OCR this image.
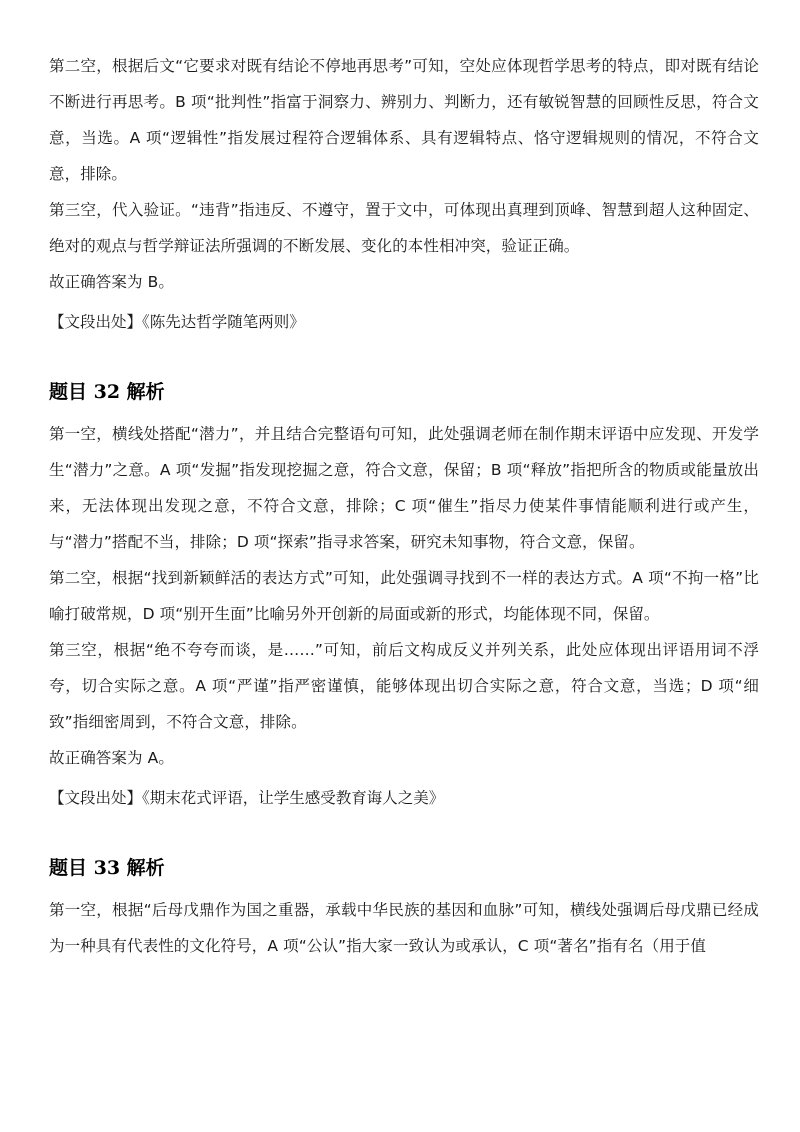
第二空，根据后文“它要求对既有结论不停地再思考”可知，空处应体现哲学思考的特点，即对既有结论不断进行再思考。B 项“批判性”指富于洞察力、辨别力、判断力，还有敏锐智慧的回顾性反思，符合文意，当选。A 项“逻辑性”指发展过程符合逻辑体系、具有逻辑特点、恪守逻辑规则的情况，不符合文意，排除。

第三空，代入验证。“违背”指违反、不遵守，置于文中，可体现出真理到顶峰、智慧到超人这种固定、绝对的观点与哲学辩证法所强调的不断发展、变化的本性相冲突，验证正确。

故正确答案为 B。

【文段出处】《陈先达哲学随笔两则》

题目 32 解析

第一空，横线处搭配“潜力”，并且结合完整语句可知，此处强调老师在制作期末评语中应发现、开发学生“潜力”之意。A 项“发掘”指发现挖掘之意，符合文意，保留；B 项“释放”指把所含的物质或能量放出来，无法体现出发现之意，不符合文意，排除；C 项“催生”指尽力使某件事情能顺利进行或产生，与“潜力”搭配不当，排除；D 项“探索”指寻求答案，研究未知事物，符合文意，保留。

第二空，根据“找到新颖鲜活的表达方式”可知，此处强调寻找到不一样的表达方式。A 项“不拘一格”比喻打破常规，D 项“别开生面”比喻另外开创新的局面或新的形式，均能体现不同，保留。

第三空，根据“绝不夸夸而谈，是……”可知，前后文构成反义并列关系，此处应体现出评语用词不浮夸，切合实际之意。A 项“严谨”指严密谨慎，能够体现出切合实际之意，符合文意，当选；D 项“细致”指细密周到，不符合文意，排除。

故正确答案为 A。

【文段出处】《期末花式评语，让学生感受教育诲人之美》

题目 33 解析

第一空，根据“后母戊鼎作为国之重器，承载中华民族的基因和血脉”可知，横线处强调后母戊鼎已经成为一种具有代表性的文化符号，A 项“公认”指大家一致认为或承认，C 项“著名”指有名（用于值
